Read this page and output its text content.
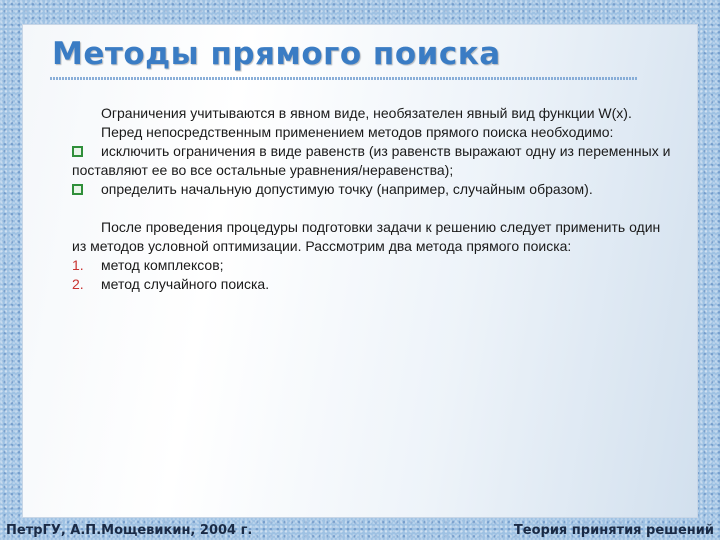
Методы прямого поиска
Ограничения учитываются в явном виде, необязателен явный вид функции W(x).
Перед непосредственным применением методов прямого поиска необходимо:
исключить ограничения в виде равенств (из равенств выражают одну из переменных и поставляют ее во все остальные уравнения/неравенства);
определить начальную допустимую точку (например, случайным образом).
После проведения процедуры подготовки задачи к решению следует применить один из методов условной оптимизации. Рассмотрим два метода прямого поиска:
1. метод комплексов;
2. метод случайного поиска.
ПетрГУ, А.П.Мощевикин, 2004 г.	Теория принятия решений
